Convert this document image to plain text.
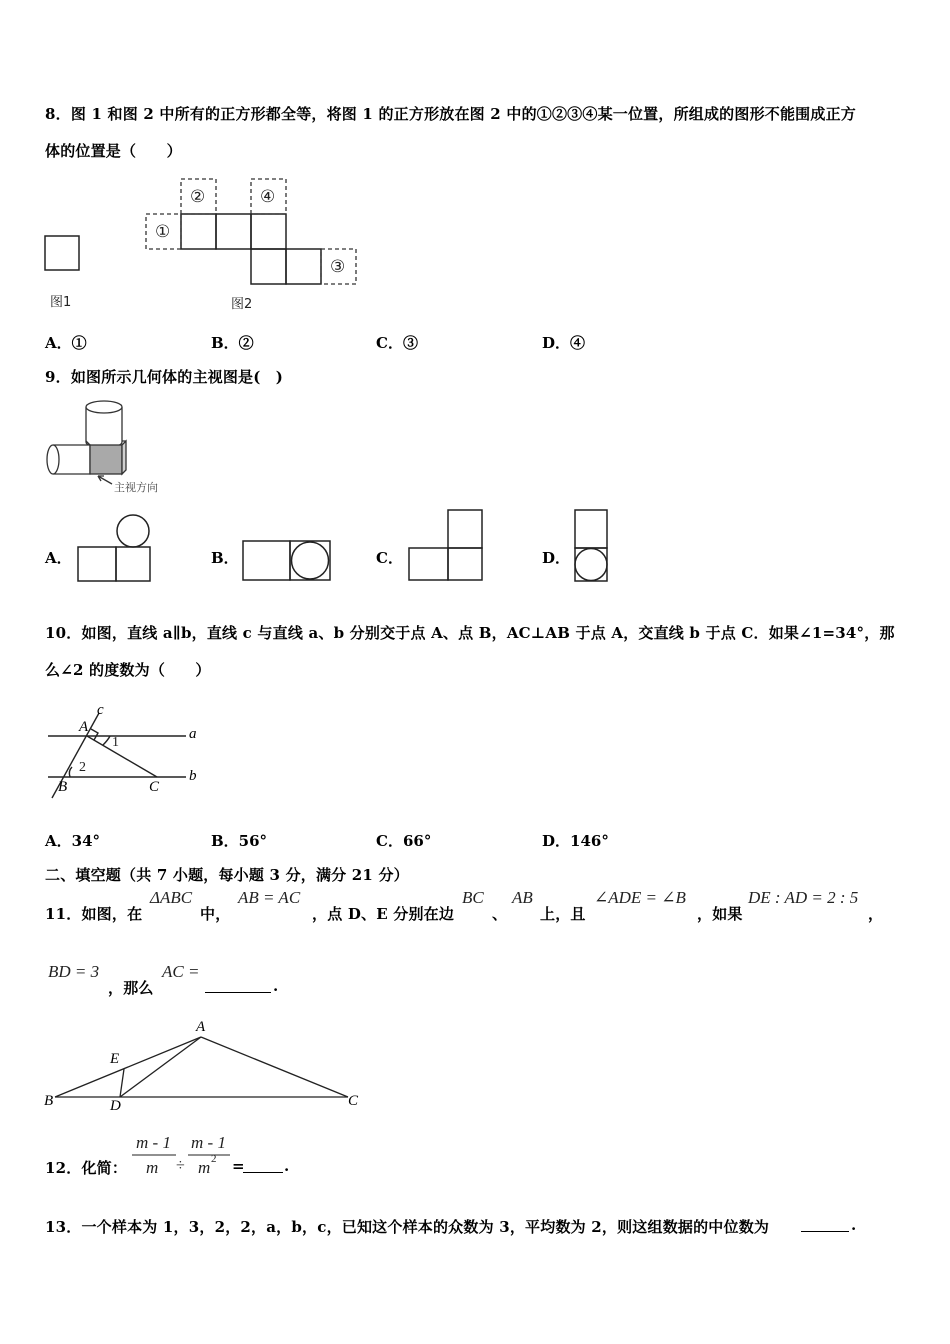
8．图 1 和图 2 中所有的正方形都全等，将图 1 的正方形放在图 2 中的①②③④某一位置，所组成的图形不能围成正方
体的位置是（　　）
①
②
③
④
图1	图2
A．①	B．②	C．③	D．④
9．如图所示几何体的主视图是(　)
主视方向
A．	B．	C．	D．
10．如图，直线 a∥b，直线 c 与直线 a、b 分别交于点 A、点 B，AC⊥AB 于点 A，交直线 b 于点 C．如果∠1=34°，那
么∠2 的度数为（　　）
c
A
1
a
2
B	C
b
A．34°	B．56°	C．66°	D．146°
二、填空题（共 7 小题，每小题 3 分，满分 21 分）
11．如图，在
ΔABC
中，
AB = AC
，点 D、E 分别在边
BC
、
AB
上，且
∠ADE = ∠B
，如果
DE : AD = 2 : 5
，
BD = 3
，那么
AC =
.
A
E
B	D	C
12．化简：
m - 1
m ÷
m - 1
m 2 =	.
13．一个样本为 1，3，2，2，a，b，c，已知这个样本的众数为 3，平均数为 2，则这组数据的中位数为	.
